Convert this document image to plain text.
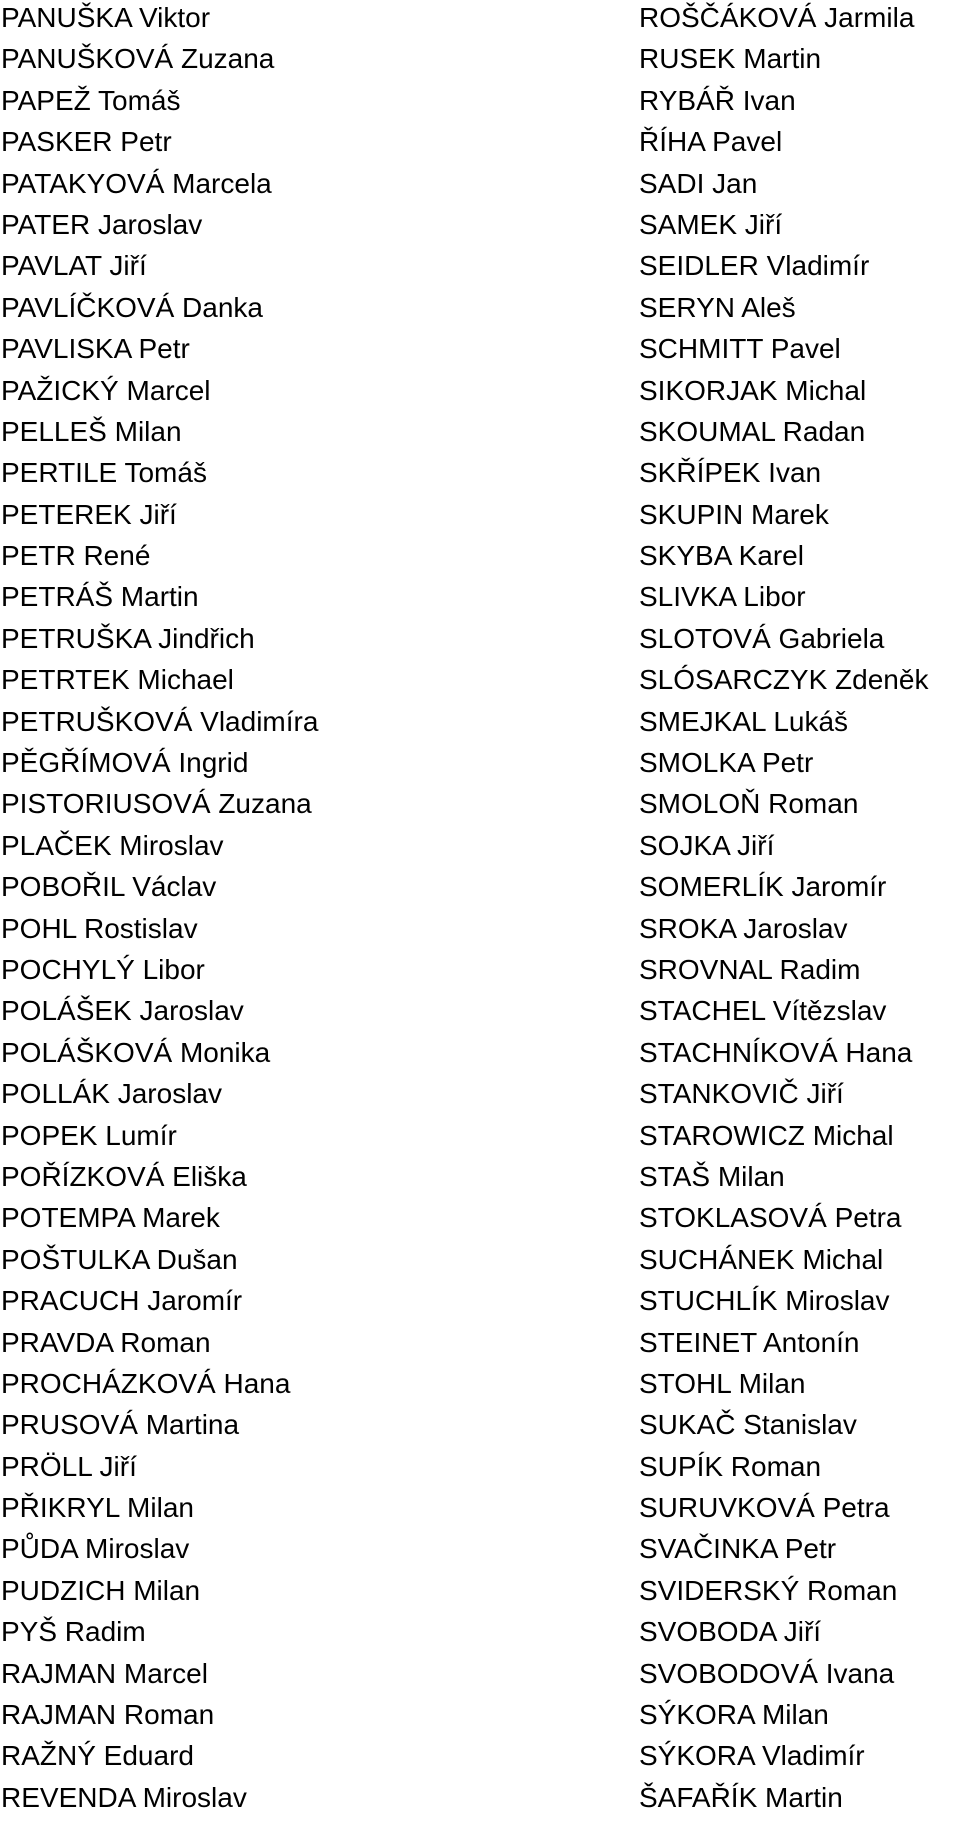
PANUŠKA Viktor
PANUŠKOVÁ Zuzana
PAPEŽ Tomáš
PASKER Petr
PATAKYOVÁ Marcela
PATER Jaroslav
PAVLAT Jiří
PAVLÍČKOVÁ Danka
PAVLISKA Petr
PAŽICKÝ Marcel
PELLEŠ Milan
PERTILE Tomáš
PETEREK Jiří
PETR René
PETRÁŠ Martin
PETRUŠKA Jindřich
PETRTEK Michael
PETRUŠKOVÁ Vladimíra
PĚGŘÍMOVÁ Ingrid
PISTORIUSOVÁ Zuzana
PLAČEK Miroslav
POBOŘIL Václav
POHL Rostislav
POCHYLÝ Libor
POLÁŠEK Jaroslav
POLÁŠKOVÁ Monika
POLLÁK Jaroslav
POPEK Lumír
POŘÍZKOVÁ Eliška
POTEMPA Marek
POŠTULKA Dušan
PRACUCH Jaromír
PRAVDA Roman
PROCHÁZKOVÁ Hana
PRUSOVÁ Martina
PRÖLL Jiří
PŘIKRYL Milan
PŮDA Miroslav
PUDZICH Milan
PYŠ Radim
RAJMAN Marcel
RAJMAN Roman
RAŽNÝ Eduard
REVENDA Miroslav
ROŠČÁKOVÁ Jarmila
RUSEK Martin
RYBÁŘ Ivan
ŘÍHA Pavel
SADI Jan
SAMEK Jiří
SEIDLER Vladimír
SERYN Aleš
SCHMITT Pavel
SIKORJAK Michal
SKOUMAL Radan
SKŘÍPEK Ivan
SKUPIN Marek
SKYBA Karel
SLIVKA Libor
SLOTOVÁ Gabriela
SLÓSARCZYK Zdeněk
SMEJKAL Lukáš
SMOLKA Petr
SMOLOŇ Roman
SOJKA Jiří
SOMERLÍK Jaromír
SROKA Jaroslav
SROVNAL Radim
STACHEL Vítězslav
STACHNÍKOVÁ Hana
STANKOVIČ Jiří
STAROWICZ Michal
STAŠ Milan
STOKLASOVÁ Petra
SUCHÁNEK Michal
STUCHLÍK Miroslav
STEINET Antonín
STOHL Milan
SUKAČ Stanislav
SUPÍK Roman
SURUVKOVÁ Petra
SVAČINKA Petr
SVIDERSKÝ Roman
SVOBODA Jiří
SVOBODOVÁ Ivana
SÝKORA Milan
SÝKORA Vladimír
ŠAFAŘÍK Martin
